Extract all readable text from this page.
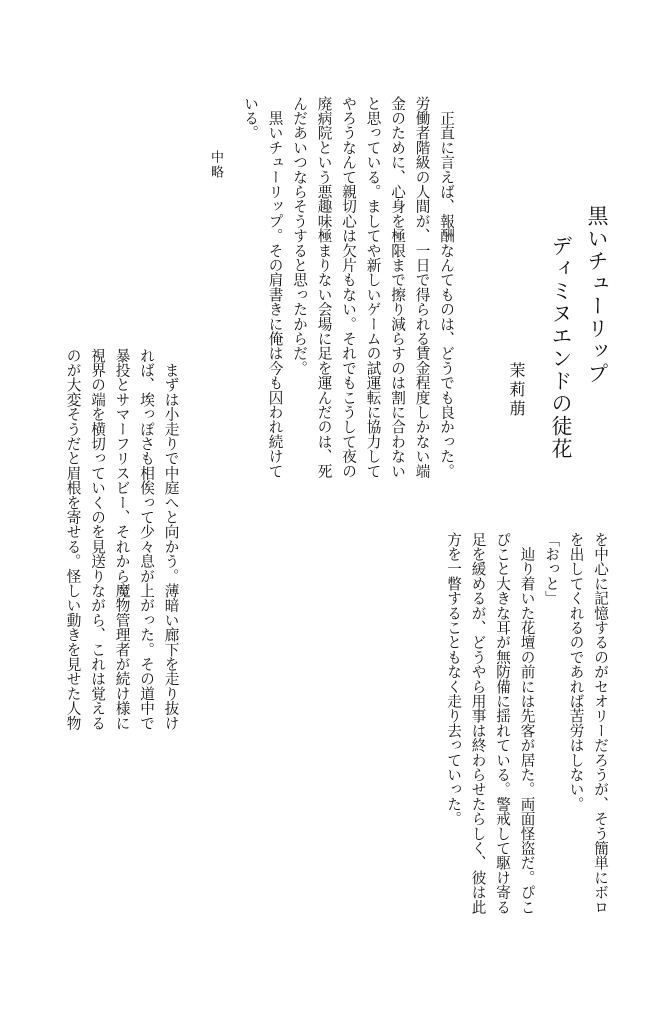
黒いチューリップ
ディミヌエンドの徒花
茉莉萠
　正直に言えば、報酬なんてものは、どうでも良かった。
労働者階級の人間が、一日で得られる賃金程度しかない端
金のために、心身を極限まで擦り減らすのは割に合わない
と思っている。ましてや新しいゲームの試運転に協力して
やろうなんて親切心は欠片もない。それでもこうして夜の
廃病院という悪趣味極まりない会場に足を運んだのは、死
んだあいつならそうすると思ったからだ。
　黒いチューリップ。その肩書きに俺は今も囚われ続けて
いる。
中略
　まずは小走りで中庭へと向かう。薄暗い廊下を走り抜け
れば、埃っぽさも相俟って少々息が上がった。その道中で
暴投とサマーフリスビー、それから魔物管理者が続け様に
視界の端を横切っていくのを見送りながら、これは覚える
のが大変そうだと眉根を寄せる。怪しい動きを見せた人物	を中心に記憶するのがセオリーだろうが、そう簡単にボロ
を出してくれるのであれば苦労はしない。
「おっと」
　辿り着いた花壇の前には先客が居た。両面怪盗だ。ぴこ
ぴこと大きな耳が無防備に揺れている。警戒して駆け寄る
足を緩めるが、どうやら用事は終わらせたらしく、彼は此
方を一瞥することもなく走り去っていった。
